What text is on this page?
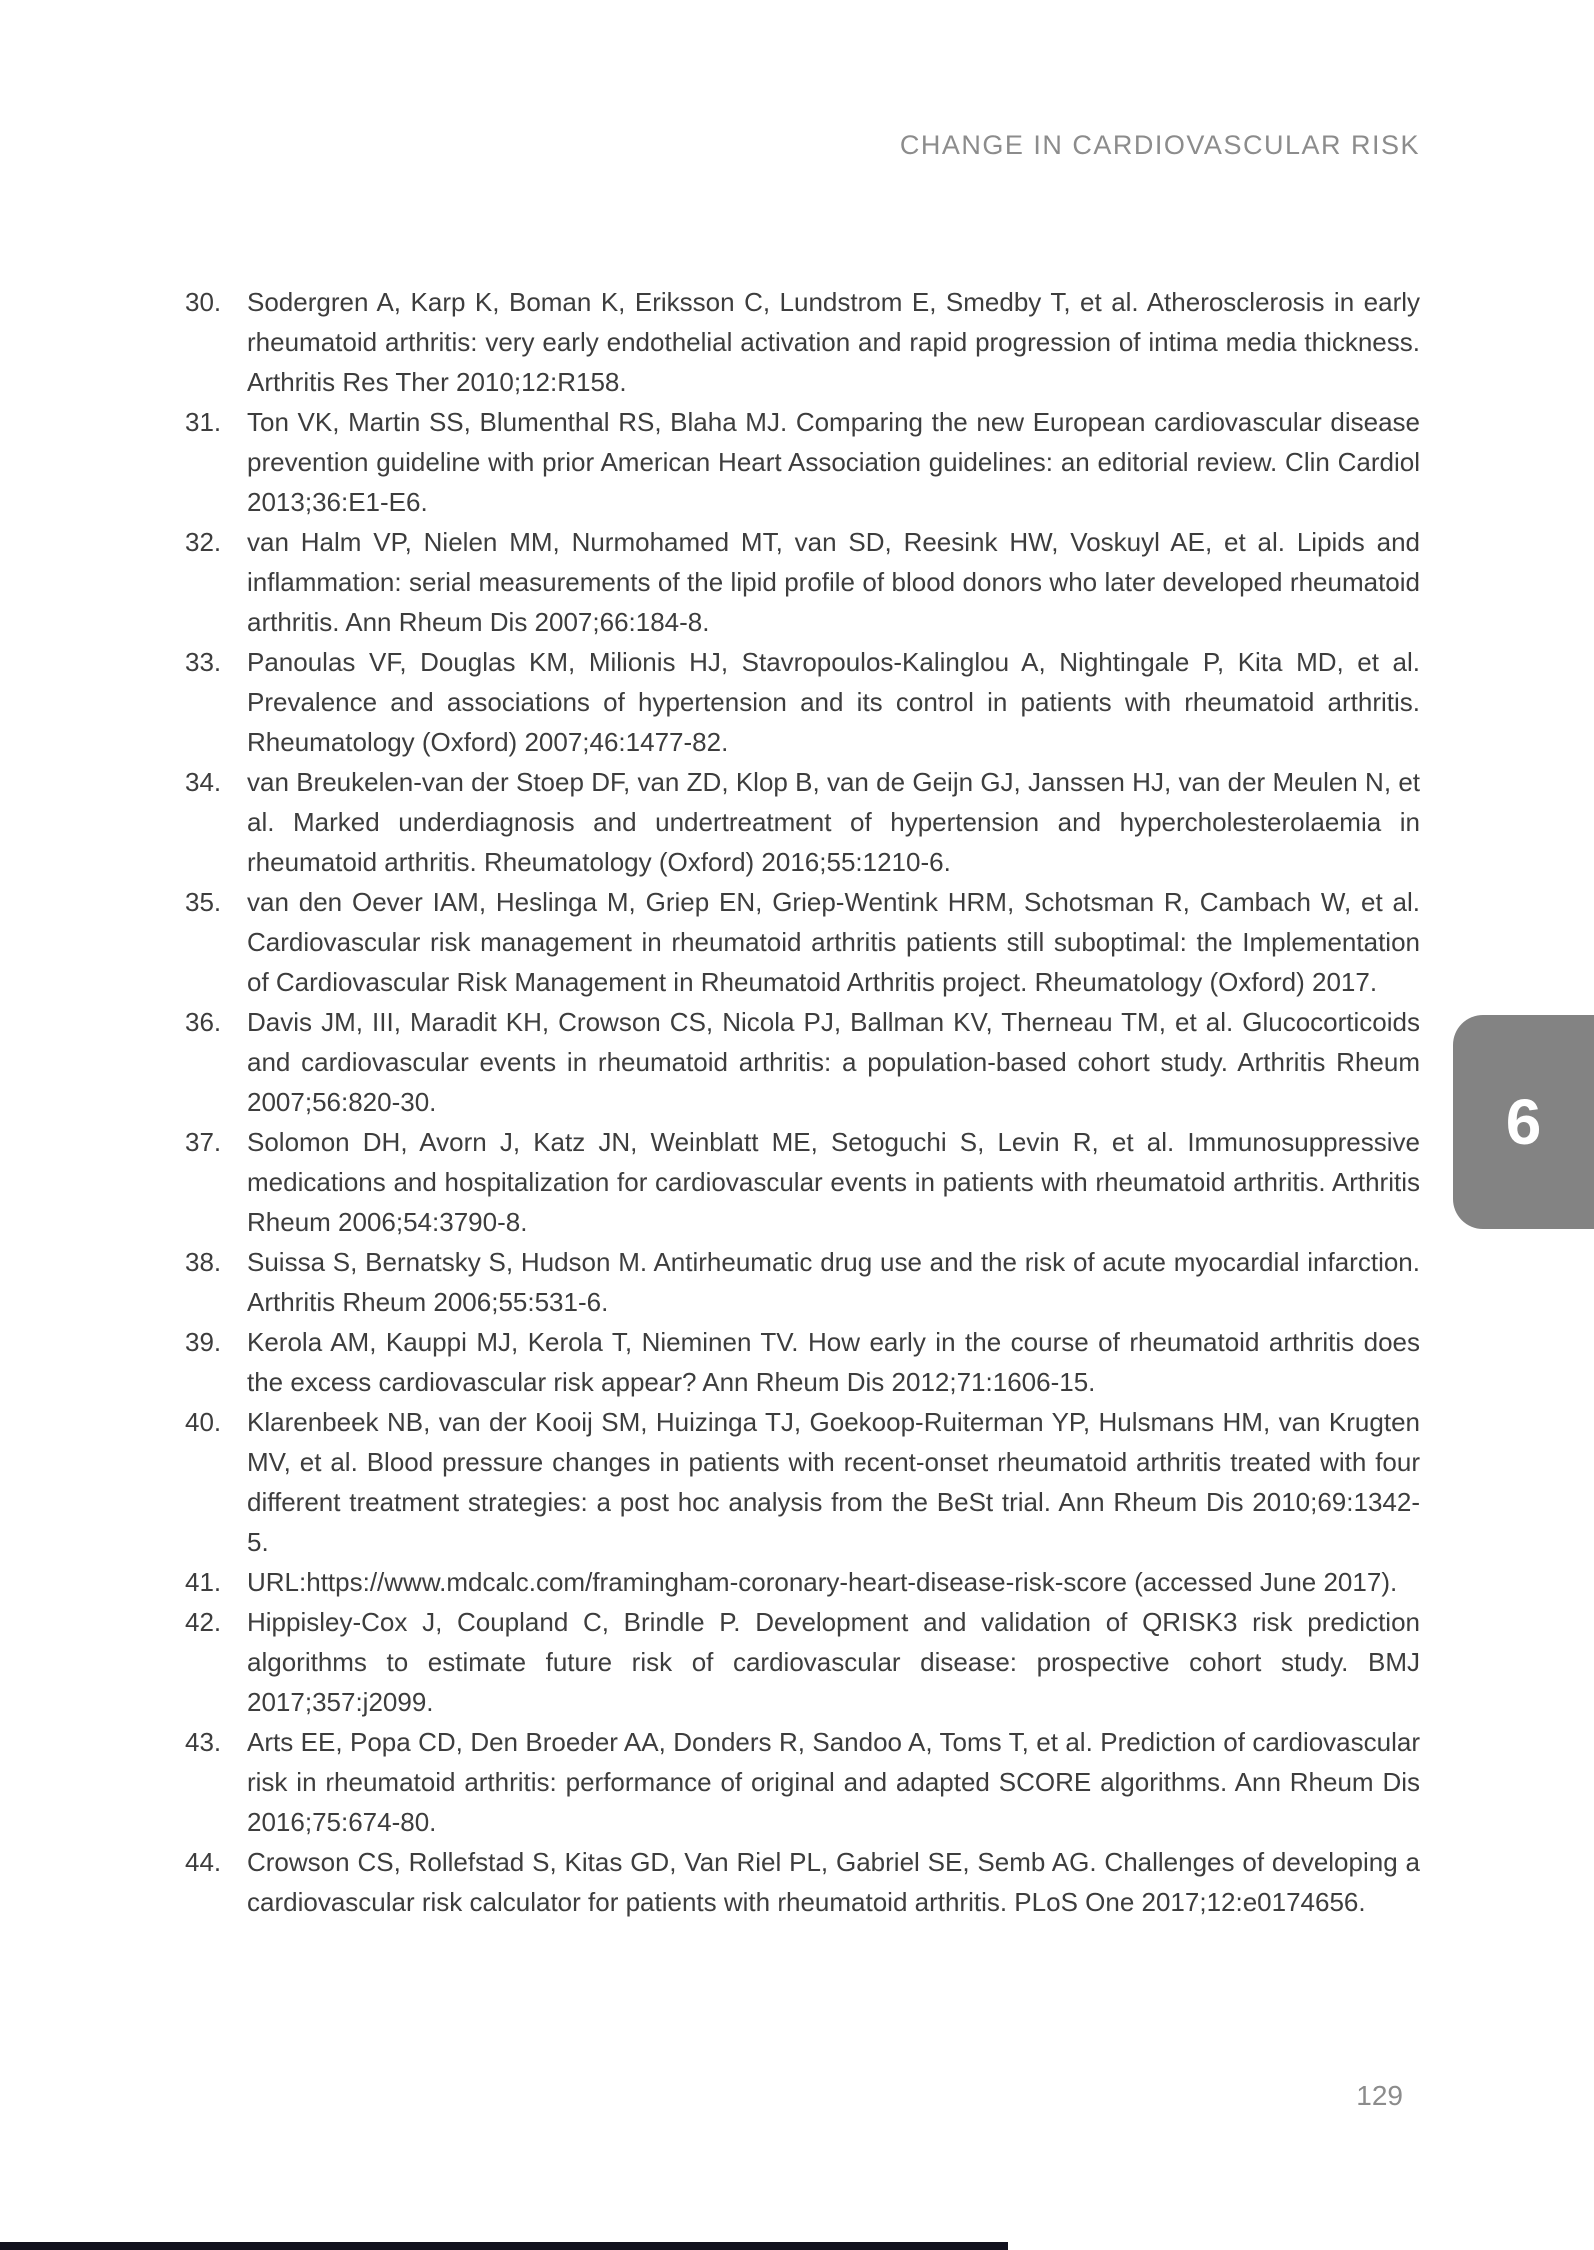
CHANGE IN CARDIOVASCULAR RISK
30. Sodergren A, Karp K, Boman K, Eriksson C, Lundstrom E, Smedby T, et al. Atherosclerosis in early rheumatoid arthritis: very early endothelial activation and rapid progression of intima media thickness. Arthritis Res Ther 2010;12:R158.
31. Ton VK, Martin SS, Blumenthal RS, Blaha MJ. Comparing the new European cardiovascular disease prevention guideline with prior American Heart Association guidelines: an editorial review. Clin Cardiol 2013;36:E1-E6.
32. van Halm VP, Nielen MM, Nurmohamed MT, van SD, Reesink HW, Voskuyl AE, et al. Lipids and inflammation: serial measurements of the lipid profile of blood donors who later developed rheumatoid arthritis. Ann Rheum Dis 2007;66:184-8.
33. Panoulas VF, Douglas KM, Milionis HJ, Stavropoulos-Kalinglou A, Nightingale P, Kita MD, et al. Prevalence and associations of hypertension and its control in patients with rheumatoid arthritis. Rheumatology (Oxford) 2007;46:1477-82.
34. van Breukelen-van der Stoep DF, van ZD, Klop B, van de Geijn GJ, Janssen HJ, van der Meulen N, et al. Marked underdiagnosis and undertreatment of hypertension and hypercholesterolaemia in rheumatoid arthritis. Rheumatology (Oxford) 2016;55:1210-6.
35. van den Oever IAM, Heslinga M, Griep EN, Griep-Wentink HRM, Schotsman R, Cambach W, et al. Cardiovascular risk management in rheumatoid arthritis patients still suboptimal: the Implementation of Cardiovascular Risk Management in Rheumatoid Arthritis project. Rheumatology (Oxford) 2017.
36. Davis JM, III, Maradit KH, Crowson CS, Nicola PJ, Ballman KV, Therneau TM, et al. Glucocorticoids and cardiovascular events in rheumatoid arthritis: a population-based cohort study. Arthritis Rheum 2007;56:820-30.
37. Solomon DH, Avorn J, Katz JN, Weinblatt ME, Setoguchi S, Levin R, et al. Immunosuppressive medications and hospitalization for cardiovascular events in patients with rheumatoid arthritis. Arthritis Rheum 2006;54:3790-8.
38. Suissa S, Bernatsky S, Hudson M. Antirheumatic drug use and the risk of acute myocardial infarction. Arthritis Rheum 2006;55:531-6.
39. Kerola AM, Kauppi MJ, Kerola T, Nieminen TV. How early in the course of rheumatoid arthritis does the excess cardiovascular risk appear? Ann Rheum Dis 2012;71:1606-15.
40. Klarenbeek NB, van der Kooij SM, Huizinga TJ, Goekoop-Ruiterman YP, Hulsmans HM, van Krugten MV, et al. Blood pressure changes in patients with recent-onset rheumatoid arthritis treated with four different treatment strategies: a post hoc analysis from the BeSt trial. Ann Rheum Dis 2010;69:1342-5.
41. URL:https://www.mdcalc.com/framingham-coronary-heart-disease-risk-score (accessed June 2017).
42. Hippisley-Cox J, Coupland C, Brindle P. Development and validation of QRISK3 risk prediction algorithms to estimate future risk of cardiovascular disease: prospective cohort study. BMJ 2017;357:j2099.
43. Arts EE, Popa CD, Den Broeder AA, Donders R, Sandoo A, Toms T, et al. Prediction of cardiovascular risk in rheumatoid arthritis: performance of original and adapted SCORE algorithms. Ann Rheum Dis 2016;75:674-80.
44. Crowson CS, Rollefstad S, Kitas GD, Van Riel PL, Gabriel SE, Semb AG. Challenges of developing a cardiovascular risk calculator for patients with rheumatoid arthritis. PLoS One 2017;12:e0174656.
6
129
